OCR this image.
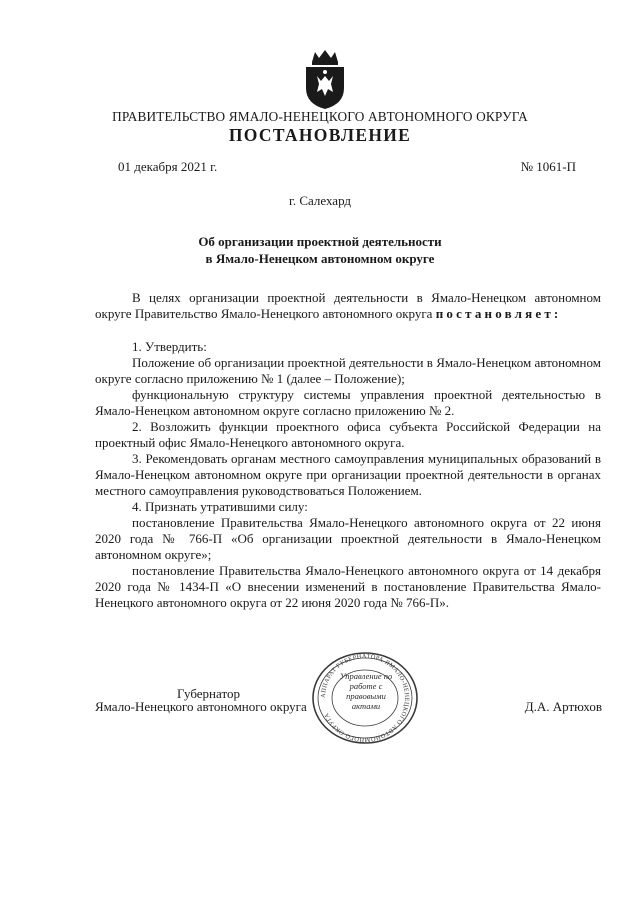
ПРАВИТЕЛЬСТВО ЯМАЛО-НЕНЕЦКОГО АВТОНОМНОГО ОКРУГА
ПОСТАНОВЛЕНИЕ
01 декабря 2021 г.	№ 1061-П
г. Салехард
Об организации проектной деятельности
в Ямало-Ненецком автономном округе

В целях организации проектной деятельности в Ямало-Ненецком автономном округе Правительство Ямало-Ненецкого автономного округа постановляет:

1. Утвердить:

Положение об организации проектной деятельности в Ямало-Ненецком автономном округе согласно приложению № 1 (далее – Положение);

функциональную структуру системы управления проектной деятельностью в Ямало-Ненецком автономном округе согласно приложению № 2.

2. Возложить функции проектного офиса субъекта Российской Федерации на проектный офис Ямало-Ненецкого автономного округа.

3. Рекомендовать органам местного самоуправления муниципальных образований в Ямало-Ненецком автономном округе при организации проектной деятельности в органах местного самоуправления руководствоваться Положением.

4. Признать утратившими силу:

постановление Правительства Ямало-Ненецкого автономного округа от 22 июня 2020 года № 766-П «Об организации проектной деятельности в Ямало-Ненецком автономном округе»;

постановление Правительства Ямало-Ненецкого автономного округа от 14 декабря 2020 года № 1434-П «О внесении изменений в постановление Правительства Ямало-Ненецкого автономного округа от 22 июня 2020 года № 766-П».

АППАРАТ ГУБЕРНАТОРА ЯМАЛО-НЕНЕЦКОГО АВТОНОМНОГО ОКРУГА
Управление по работе с правовыми актами
Губернатор
Ямало-Ненецкого автономного округа	Д.А. Артюхов
